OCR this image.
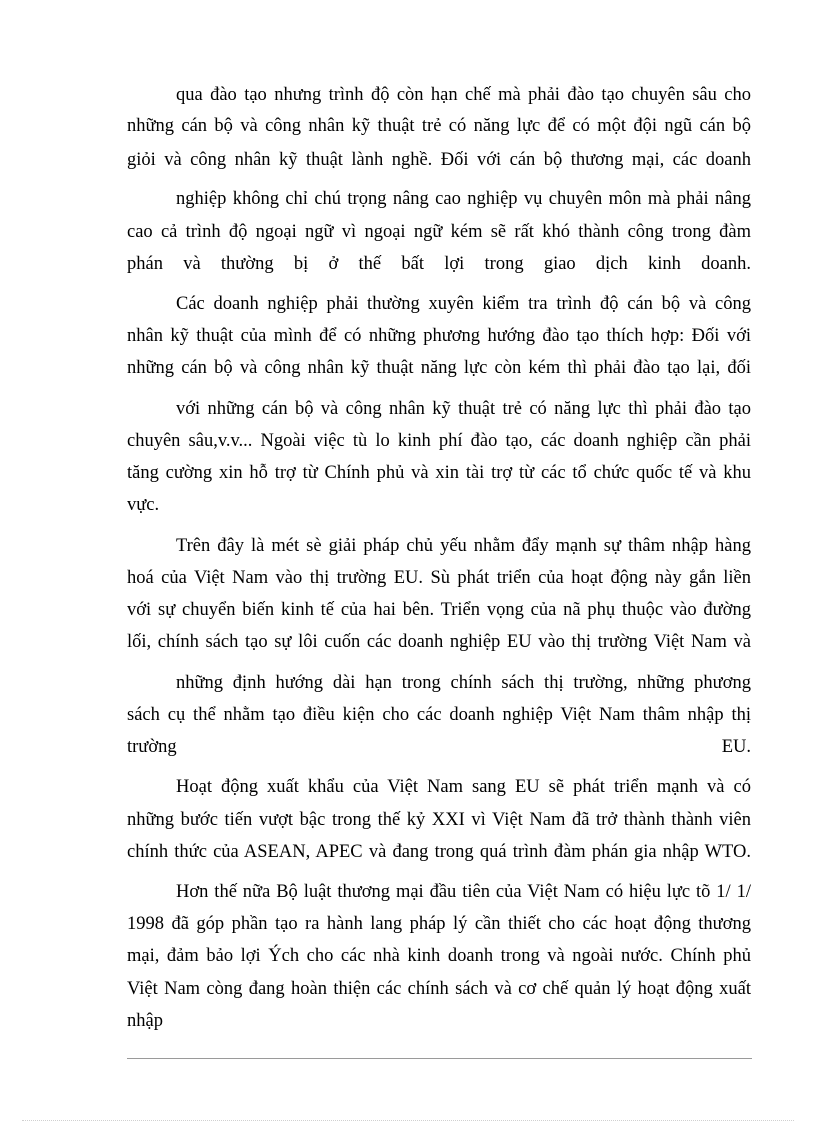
qua đào tạo nhưng trình độ còn hạn chế mà phải đào tạo chuyên sâu cho
những cán bộ và công nhân kỹ thuật trẻ có năng lực để có một đội ngũ cán bộ
giỏi và công nhân kỹ thuật lành nghề. Đối với cán bộ thương mại, các doanh
nghiệp không chỉ chú trọng nâng cao nghiệp vụ chuyên môn mà phải nâng
cao cả trình độ ngoại ngữ vì ngoại ngữ kém sẽ rất khó thành công trong đàm
phán và thường bị ở thế bất lợi trong giao dịch kinh doanh.
Các doanh nghiệp phải thường xuyên kiểm tra trình độ cán bộ và công
nhân kỹ thuật của mình để có những phương hướng đào tạo thích hợp: Đối với
những cán bộ và công nhân kỹ thuật năng lực còn kém thì phải đào tạo lại, đối
với những cán bộ và công nhân kỹ thuật trẻ có năng lực thì phải đào tạo
chuyên sâu,v.v... Ngoài việc tù lo kinh phí đào tạo, các doanh nghiệp cần phải
tăng cường xin hỗ trợ từ Chính phủ và xin tài trợ từ các tổ chức quốc tế và khu
vực.
Trên đây là mét sè giải pháp chủ yếu nhằm đẩy mạnh sự thâm nhập hàng
hoá của Việt Nam vào thị trường EU. Sù phát triển của hoạt động này gắn liền
với sự chuyển biến kinh tế của hai bên. Triển vọng của nã phụ thuộc vào đường
lối, chính sách tạo sự lôi cuốn các doanh nghiệp EU vào thị trường Việt Nam và
những định hướng dài hạn trong chính sách thị trường, những phương
sách cụ thể nhằm tạo điều kiện cho các doanh nghiệp Việt Nam thâm nhập thị
trường EU.
Hoạt động xuất khẩu của Việt Nam sang EU sẽ phát triển mạnh và có
những bước tiến vượt bậc trong thế kỷ XXI vì Việt Nam đã trở thành thành viên
chính thức của ASEAN, APEC và đang trong quá trình đàm phán gia nhập WTO.
Hơn thế nữa Bộ luật thương mại đầu tiên của Việt Nam có hiệu lực tõ 1/ 1/
1998 đã góp phần tạo ra hành lang pháp lý cần thiết cho các hoạt động thương
mại, đảm bảo lợi Ých cho các nhà kinh doanh trong và ngoài nước. Chính phủ
Việt Nam còng đang hoàn thiện các chính sách và cơ chế quản lý hoạt động xuất
nhập
